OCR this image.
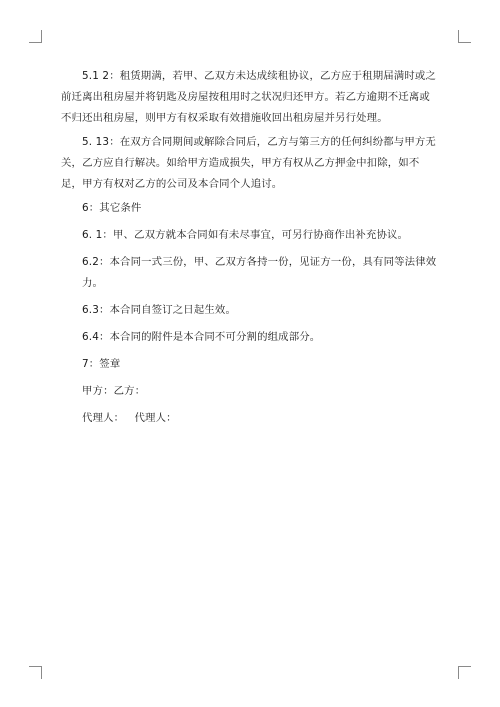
5.1 2：租赁期满，若甲、乙双方未达成续租协议，乙方应于租期届满时或之前迁离出租房屋并将钥匙及房屋按租用时之状况归还甲方。若乙方逾期不迁离或不归还出租房屋，则甲方有权采取有效措施收回出租房屋并另行处理。

5. 13：在双方合同期间或解除合同后，乙方与第三方的任何纠纷都与甲方无关，乙方应自行解决。如给甲方造成损失，甲方有权从乙方押金中扣除，如不足，甲方有权对乙方的公司及本合同个人追讨。

6：其它条件

6. 1：甲、乙双方就本合同如有未尽事宜，可另行协商作出补充协议。

6.2：本合同一式三份，甲、乙双方各持一份，见证方一份，具有同等法律效力。

6.3：本合同自签订之日起生效。

6.4：本合同的附件是本合同不可分割的组成部分。

7：签章

甲方：乙方：

代理人：   代理人：
